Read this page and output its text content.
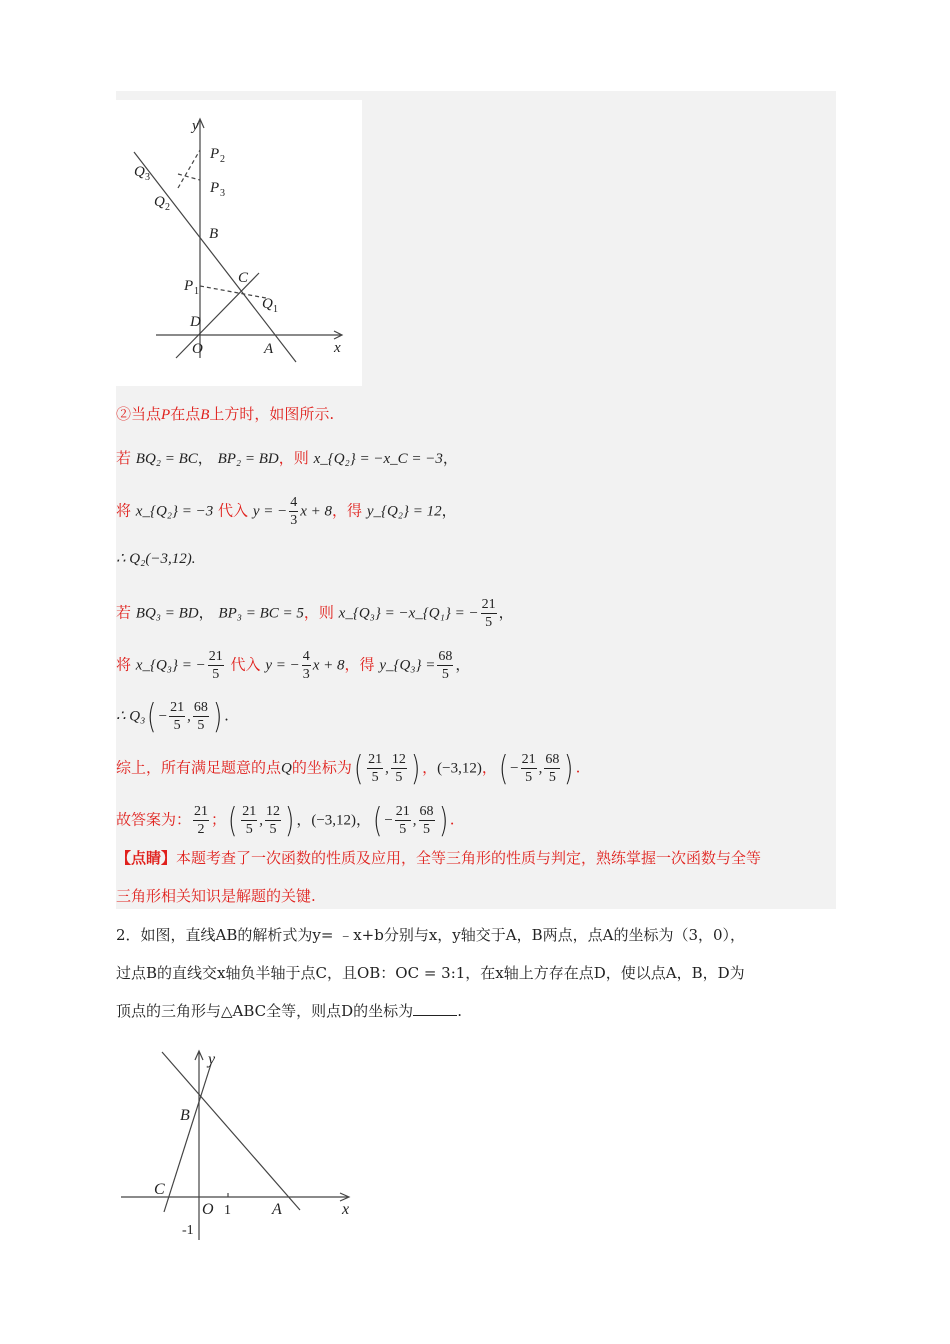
y
x
P 2
P 3
Q 3
Q 2
B
C
P 1
Q 1
D
O	A
②当点P在点B上方时，如图所示.
若 BQ₂ = BC， BP₂ = BD，则 x_{Q₂} = −x_C = −3，
将 x_{Q₂} = −3 代入 y = − $\frac{4}{3}$ x + 8，得 y_{Q₂} = 12，
∴ Q₂(−3,12).
若 BQ₃ = BD， BP₃ = BC = 5，则 x_{Q₃} = −x_{Q₁} = − $\frac{21}{5}$ ，
将 x_{Q₃} = − $\frac{21}{5}$ 代入 y = − $\frac{4}{3}$ x + 8，得 y_{Q₃} = $\frac{68}{5}$ ，
∴ $Q_3( - \frac{21}{5}$ , $\frac{68}{5}$ ) .
综上，所有满足题意的点Q的坐标为( $\frac{21}{5}$ , $\frac{12}{5}$ ) ，(−3,12)，( − $\frac{21}{5}$ , $\frac{68}{5}$ ) .
故答案为： $\frac{21}{2}$ ；( $\frac{21}{5}$ , $\frac{12}{5}$ ) ，(−3,12)，( − $\frac{21}{5}$ , $\frac{68}{5}$ ) .
【点睛】本题考查了一次函数的性质及应用，全等三角形的性质与判定，熟练掌握一次函数与全等
三角形相关知识是解题的关键.
2．如图，直线AB的解析式为y= ﹣x+b分别与x，y轴交于A，B两点，点A的坐标为（3，0），
过点B的直线交x轴负半轴于点C，且OB：OC = 3:1，在x轴上方存在点D，使以点A，B，D为
顶点的三角形与△ABC全等，则点D的坐标为	.
y
x
B
C
O 1	A
-1
